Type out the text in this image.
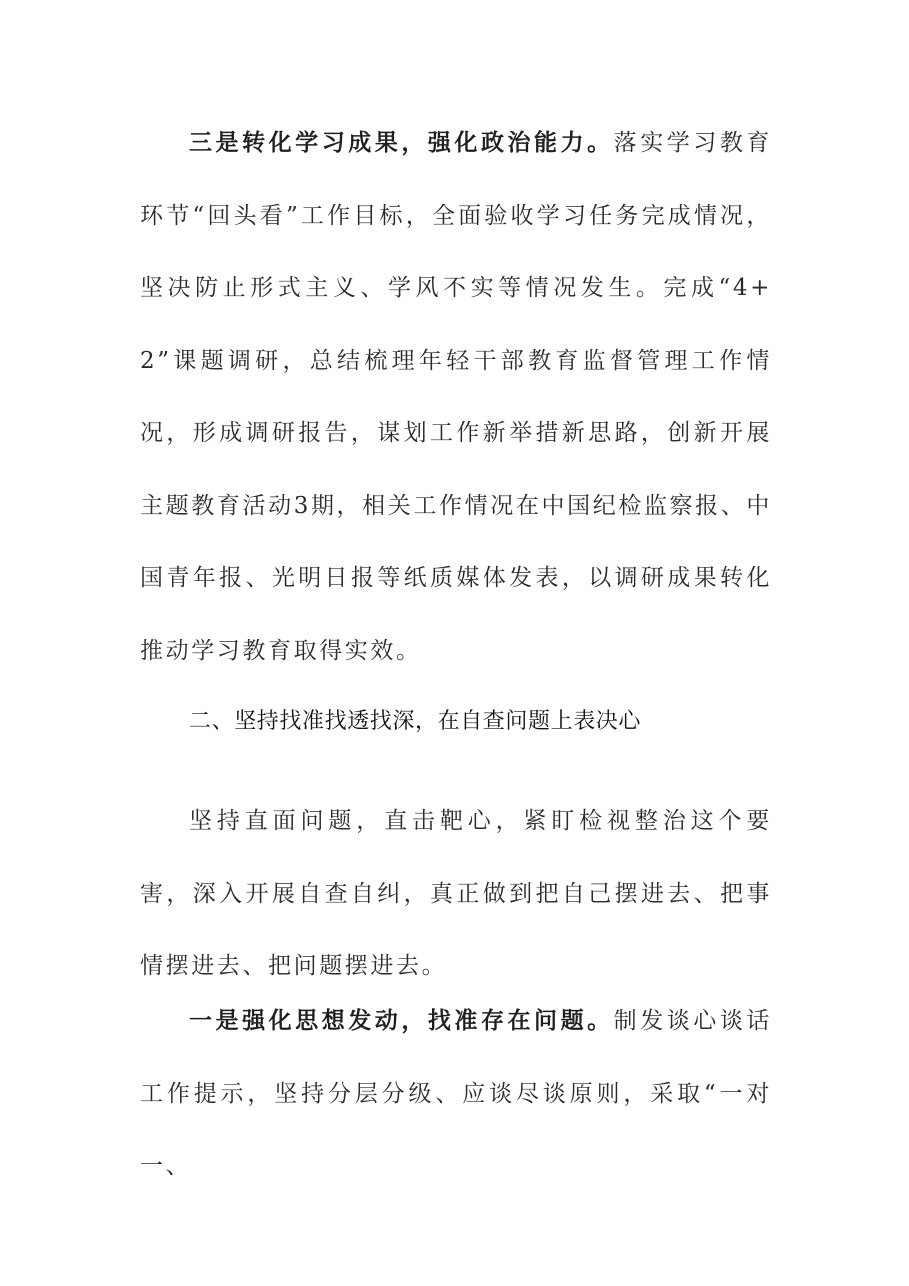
三是转化学习成果，强化政治能力。落实学习教育环节“回头看”工作目标，全面验收学习任务完成情况，坚决防止形式主义、学风不实等情况发生。完成“4+2”课题调研，总结梳理年轻干部教育监督管理工作情况，形成调研报告，谋划工作新举措新思路，创新开展主题教育活动3期，相关工作情况在中国纪检监察报、中国青年报、光明日报等纸质媒体发表，以调研成果转化推动学习教育取得实效。

二、坚持找准找透找深，在自查问题上表决心

坚持直面问题，直击靶心，紧盯检视整治这个要害，深入开展自查自纠，真正做到把自己摆进去、把事情摆进去、把问题摆进去。

一是强化思想发动，找准存在问题。制发谈心谈话工作提示，坚持分层分级、应谈尽谈原则，采取“一对一、
